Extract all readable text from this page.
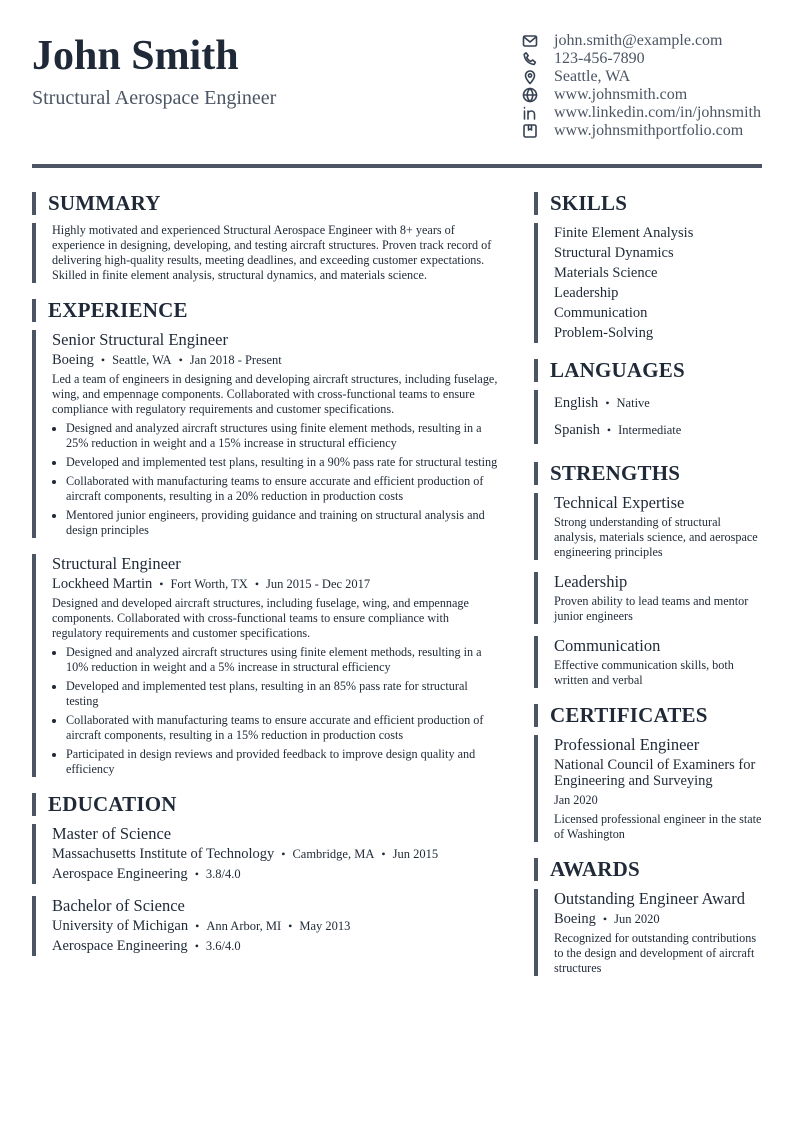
John Smith
Structural Aerospace Engineer
john.smith@example.com
123-456-7890
Seattle, WA
www.johnsmith.com
www.linkedin.com/in/johnsmith
www.johnsmithportfolio.com
SUMMARY
Highly motivated and experienced Structural Aerospace Engineer with 8+ years of experience in designing, developing, and testing aircraft structures. Proven track record of delivering high-quality results, meeting deadlines, and exceeding customer expectations. Skilled in finite element analysis, structural dynamics, and materials science.
EXPERIENCE
Senior Structural Engineer
Boeing • Seattle, WA • Jan 2018 - Present
Led a team of engineers in designing and developing aircraft structures, including fuselage, wing, and empennage components. Collaborated with cross-functional teams to ensure compliance with regulatory requirements and customer specifications.
• Designed and analyzed aircraft structures using finite element methods, resulting in a 25% reduction in weight and a 15% increase in structural efficiency
• Developed and implemented test plans, resulting in a 90% pass rate for structural testing
• Collaborated with manufacturing teams to ensure accurate and efficient production of aircraft components, resulting in a 20% reduction in production costs
• Mentored junior engineers, providing guidance and training on structural analysis and design principles
Structural Engineer
Lockheed Martin • Fort Worth, TX • Jun 2015 - Dec 2017
Designed and developed aircraft structures, including fuselage, wing, and empennage components. Collaborated with cross-functional teams to ensure compliance with regulatory requirements and customer specifications.
• Designed and analyzed aircraft structures using finite element methods, resulting in a 10% reduction in weight and a 5% increase in structural efficiency
• Developed and implemented test plans, resulting in an 85% pass rate for structural testing
• Collaborated with manufacturing teams to ensure accurate and efficient production of aircraft components, resulting in a 15% reduction in production costs
• Participated in design reviews and provided feedback to improve design quality and efficiency
EDUCATION
Master of Science
Massachusetts Institute of Technology • Cambridge, MA • Jun 2015
Aerospace Engineering • 3.8/4.0
Bachelor of Science
University of Michigan • Ann Arbor, MI • May 2013
Aerospace Engineering • 3.6/4.0
SKILLS
Finite Element Analysis
Structural Dynamics
Materials Science
Leadership
Communication
Problem-Solving
LANGUAGES
English • Native
Spanish • Intermediate
STRENGTHS
Technical Expertise
Strong understanding of structural analysis, materials science, and aerospace engineering principles
Leadership
Proven ability to lead teams and mentor junior engineers
Communication
Effective communication skills, both written and verbal
CERTIFICATES
Professional Engineer
National Council of Examiners for Engineering and Surveying
Jan 2020
Licensed professional engineer in the state of Washington
AWARDS
Outstanding Engineer Award
Boeing • Jun 2020
Recognized for outstanding contributions to the design and development of aircraft structures
